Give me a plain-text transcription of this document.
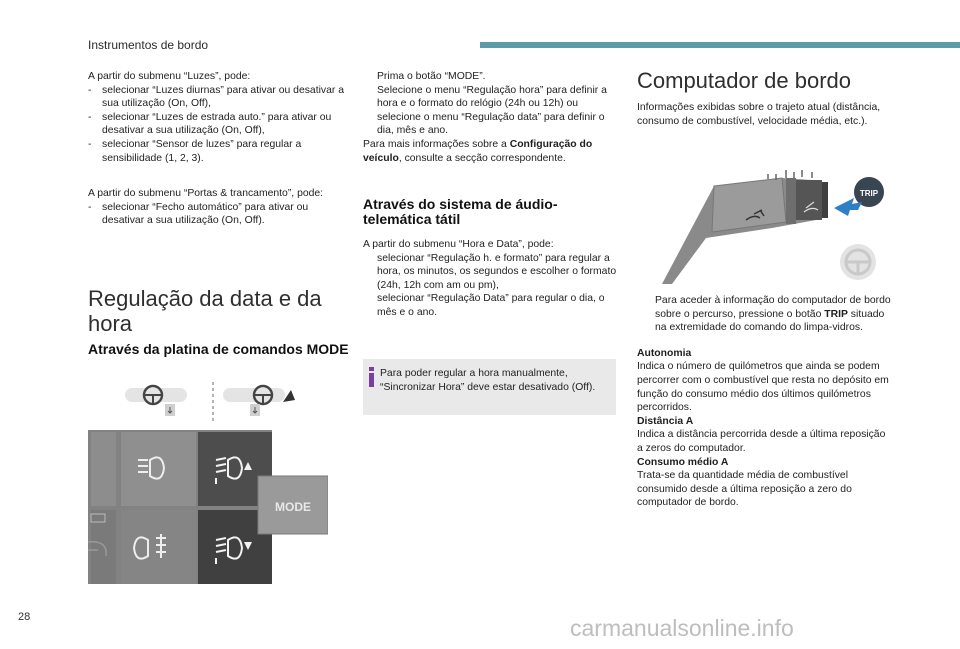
Instrumentos de bordo

A partir do submenu “Luzes”, pode:

-	selecionar “Luzes diurnas” para ativar ou desativar a sua utilização (On, Off),
-	selecionar “Luzes de estrada auto.” para ativar ou desativar a sua utilização (On, Off),
-	selecionar “Sensor de luzes” para regular a sensibilidade (1, 2, 3).

A partir do submenu “Portas & trancamento”, pode:

-	selecionar “Fecho automático” para ativar ou desativar a sua utilização (On, Off).
Regulação da data e da hora
Através da platina de comandos MODE
MODE
Prima o botão “MODE”.
Selecione o menu “Regulação hora” para definir a hora e o formato do relógio (24h ou 12h) ou selecione o menu “Regulação data” para definir o dia, mês e ano.

Para mais informações sobre a Configuração do veículo, consulte a secção correspondente.

Através do sistema de áudio-telemática tátil

A partir do submenu “Hora e Data”, pode:

selecionar “Regulação h. e formato” para regular a hora, os minutos, os segundos e escolher o formato (24h, 12h com am ou pm),
selecionar “Regulação Data” para regular o dia, o mês e o ano.
Para poder regular a hora manualmente, “Sincronizar Hora” deve estar desativado (Off).
Computador de bordo
Informações exibidas sobre o trajeto atual (distância, consumo de combustível, velocidade média, etc.).
TRIP
Para aceder à informação do computador de bordo sobre o percurso, pressione o botão TRIP situado na extremidade do comando do limpa-vidros.

Autonomia

Indica o número de quilómetros que ainda se podem percorrer com o combustível que resta no depósito em função do consumo médio dos últimos quilómetros percorridos.

Distância A

Indica a distância percorrida desde a última reposição a zeros do computador.

Consumo médio A

Trata-se da quantidade média de combustível consumido desde a última reposição a zero do computador de bordo.

28	carmanualsonline.info
